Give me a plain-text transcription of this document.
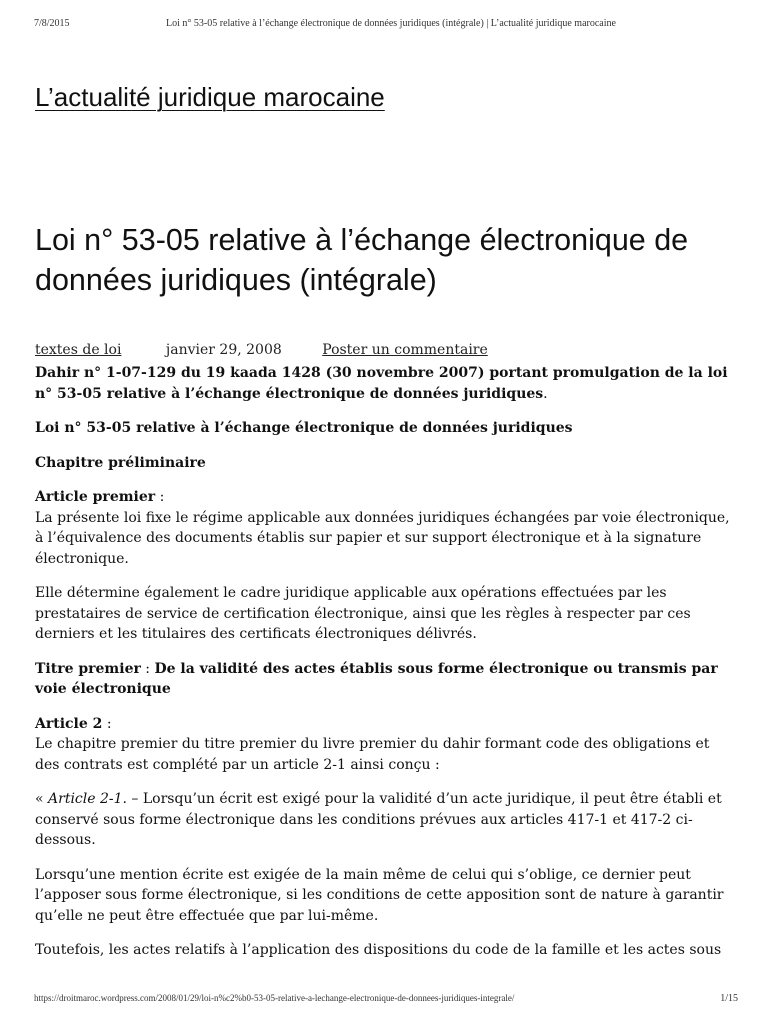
7/8/2015	Loi n° 53-05 relative à l’échange électronique de données juridiques (intégrale) | L’actualité juridique marocaine
L’actualité juridique marocaine
Loi n° 53-05 relative à l’échange électronique de données juridiques (intégrale)
textes de loi	janvier 29, 2008	Poster un commentaire

Dahir n° 1-07-129 du 19 kaada 1428 (30 novembre 2007) portant promulgation de la loi n° 53-05 relative à l’échange électronique de données juridiques.

Loi n° 53-05 relative à l’échange électronique de données juridiques

Chapitre préliminaire

Article premier :
La présente loi fixe le régime applicable aux données juridiques échangées par voie électronique, à l’équivalence des documents établis sur papier et sur support électronique et à la signature électronique.

Elle détermine également le cadre juridique applicable aux opérations effectuées par les prestataires de service de certification électronique, ainsi que les règles à respecter par ces derniers et les titulaires des certificats électroniques délivrés.

Titre premier : De la validité des actes établis sous forme électronique ou transmis par voie électronique

Article 2 :
Le chapitre premier du titre premier du livre premier du dahir formant code des obligations et des contrats est complété par un article 2-1 ainsi conçu :

« Article 2-1. – Lorsqu’un écrit est exigé pour la validité d’un acte juridique, il peut être établi et conservé sous forme électronique dans les conditions prévues aux articles 417-1 et 417-2 ci-dessous.

Lorsqu’une mention écrite est exigée de la main même de celui qui s’oblige, ce dernier peut l’apposer sous forme électronique, si les conditions de cette apposition sont de nature à garantir qu’elle ne peut être effectuée que par lui-même.

Toutefois, les actes relatifs à l’application des dispositions du code de la famille et les actes sous

https://droitmaroc.wordpress.com/2008/01/29/loi-n%c2%b0-53-05-relative-a-lechange-electronique-de-donnees-juridiques-integrale/	1/15
